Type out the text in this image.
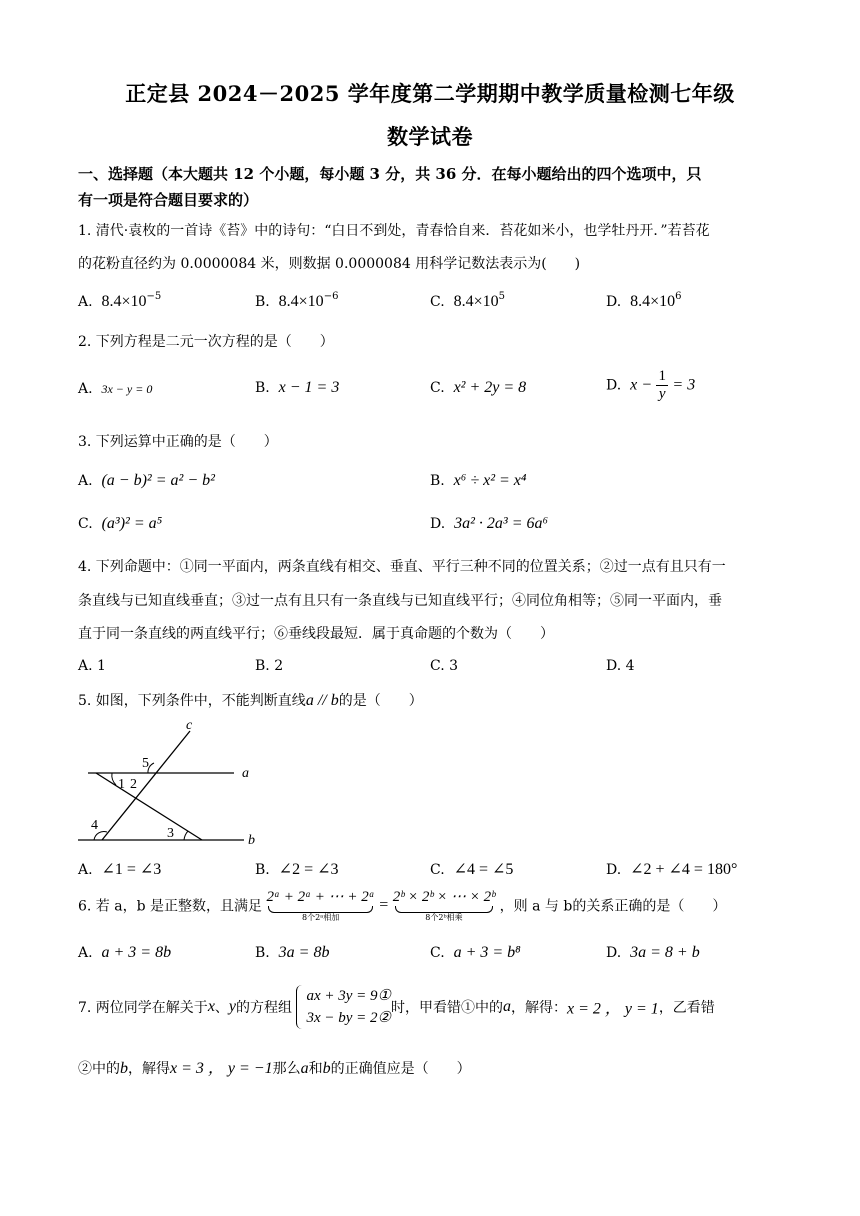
正定县 2024－2025 学年度第二学期期中教学质量检测七年级
数学试卷
一、选择题（本大题共 12 个小题，每小题 3 分，共 36 分．在每小题给出的四个选项中，只
有一项是符合题目要求的）
1. 清代·袁枚的一首诗《苔》中的诗句：“白日不到处，青春恰自来．苔花如米小，也学牡丹开．”若苔花
的花粉直径约为 0.0000084 米，则数据 0.0000084 用科学记数法表示为(　　)
A. $8.4\times 10^{-5}$	B. $8.4\times 10^{-6}$	C. $8.4\times 10^5$	D. $8.4\times 10^6$
2. 下列方程是二元一次方程的是（　　）
A. 3x − y = 0	B. x − 1 = 3	C. x² + 2y = 8	D. $x - \frac{1}{y} = 3$
3. 下列运算中正确的是（　　）
A. (a − b)² = a² − b²	B. x⁶ ÷ x² = x⁴
C. (a³)² = a⁵	D. 3a² · 2a³ = 6a⁶
4. 下列命题中：①同一平面内，两条直线有相交、垂直、平行三种不同的位置关系；②过一点有且只有一
条直线与已知直线垂直；③过一点有且只有一条直线与已知直线平行；④同位角相等；⑤同一平面内，垂
直于同一条直线的两直线平行；⑥垂线段最短．属于真命题的个数为（　　）
A. 1	B. 2	C. 3	D. 4
5. 如图，下列条件中，不能判断直线a // b的是（　　）
c
a
b
5
1 2
4
3
A. ∠1 = ∠3	B. ∠2 = ∠3	C. ∠4 = ∠5	D. ∠2 + ∠4 = 180°
6. 若 a，b 是正整数，且满足
2ᵃ + 2ᵃ + ⋯ + 2ᵃ
8个2ᵃ相加
= 2ᵇ × 2ᵇ × ⋯ × 2ᵇ
8个2ᵇ相乘
，则 a 与 b的关系正确的是（　　）
A. a + 3 = 8b	B. 3a = 8b	C. a + 3 = b⁸	D. 3a = 8 + b
7. 两位同学在解关于x、y的方程组
ax + 3y = 9①
3x − by = 2②
时，甲看错①中的a，解得：x = 2 ， y = 1，乙看错
②中的b，解得x = 3 ， y = −1那么a和b的正确值应是（　　）
